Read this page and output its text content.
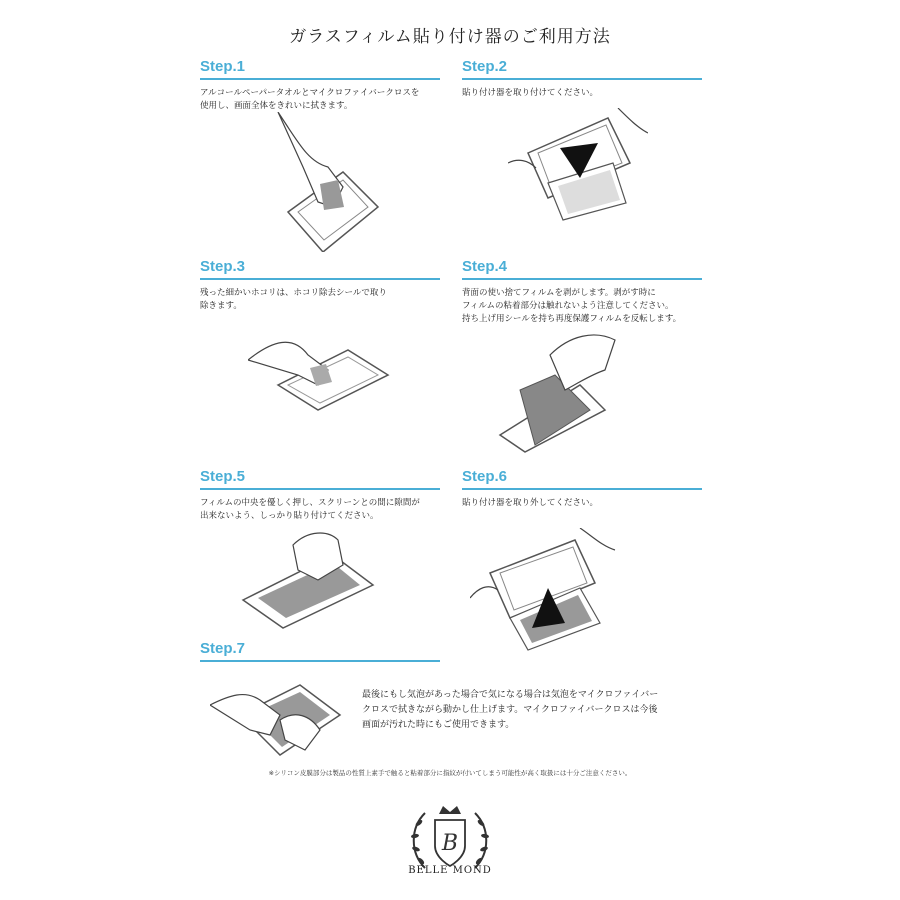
ガラスフィルム貼り付け器のご利用方法
Step.1
アルコールペーパータオルとマイクロファイバークロスを
使用し、画面全体をきれいに拭きます。
Step.2
貼り付け器を取り付けてください。
Step.3
残った細かいホコリは、ホコリ除去シールで取り
除きます。
Step.4
背面の使い捨てフィルムを剥がします。剥がす時に
フィルムの粘着部分は触れないよう注意してください。
持ち上げ用シールを持ち再度保護フィルムを反転します。
Step.5
フィルムの中央を優しく押し、スクリーンとの間に隙間が
出来ないよう、しっかり貼り付けてください。
Step.6
貼り付け器を取り外してください。
Step.7
最後にもし気泡があった場合で気になる場合は気泡をマイクロファイバー
クロスで拭きながら動かし仕上げます。マイクロファイバークロスは今後
画面が汚れた時にもご使用できます。
※シリコン皮膜部分は製品の性質上素手で触ると粘着部分に指紋が付いてしまう可能性が高く取扱には十分ご注意ください。
B
BELLE MOND
